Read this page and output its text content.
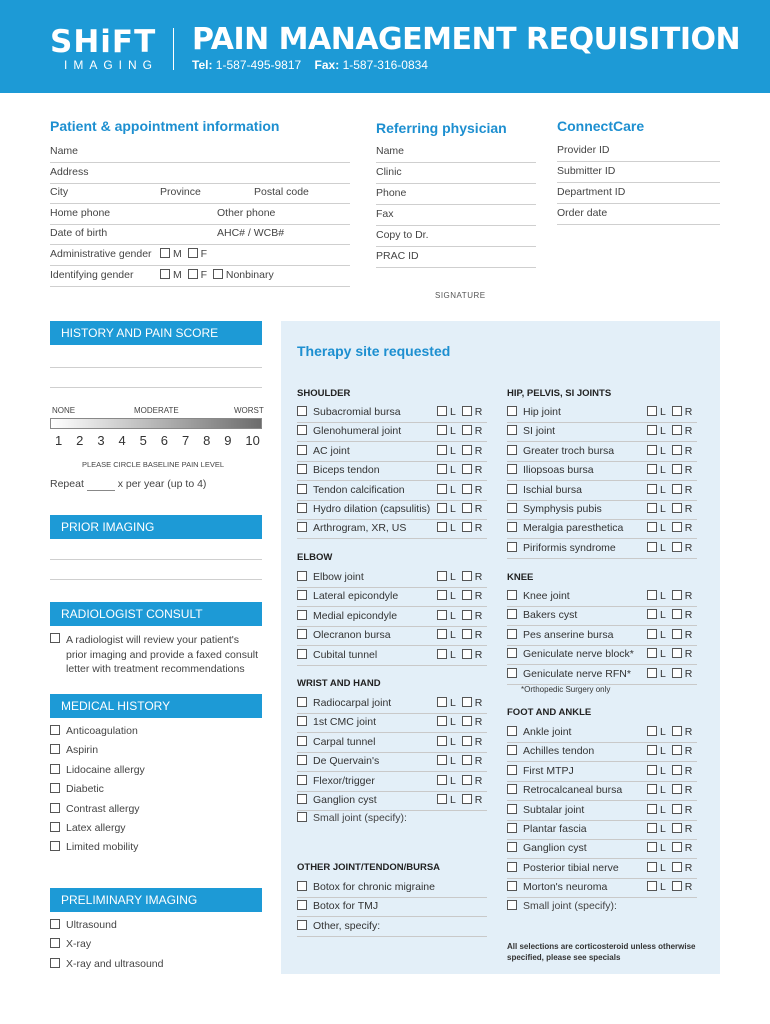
SHiFT
IMAGING
PAIN MANAGEMENT REQUISITION
Tel: 1-587-495-9817 Fax: 1-587-316-0834
Patient & appointment information
Name
Address
City	Province	Postal code
Home phone	Other phone
Date of birth	AHC# / WCB#
Administrative gender	M F
Identifying gender	M F Nonbinary
Referring physician
Name
Clinic
Phone
Fax
Copy to Dr.
PRAC ID
SIGNATURE
ConnectCare
Provider ID
Submitter ID
Department ID
Order date
HISTORY AND PAIN SCORE
NONE	MODERATE	WORST
1 2 3 4 5 6 7 8 9 10
PLEASE CIRCLE BASELINE PAIN LEVEL
Repeat	x per year (up to 4)
PRIOR IMAGING
RADIOLOGIST CONSULT
A radiologist will review your patient's
prior imaging and provide a faxed consult
letter with treatment recommendations
MEDICAL HISTORY
Anticoagulation
Aspirin
Lidocaine allergy
Diabetic
Contrast allergy
Latex allergy
Limited mobility
PRELIMINARY IMAGING
Ultrasound
X-ray
X-ray and ultrasound
Therapy site requested
SHOULDER
Subacromial bursa	L R
Glenohumeral joint	L R
AC joint	L R
Biceps tendon	L R
Tendon calcification	L R
Hydro dilation (capsulitis)	L R
Arthrogram, XR, US	L R
ELBOW
Elbow joint	L R
Lateral epicondyle	L R
Medial epicondyle	L R
Olecranon bursa	L R
Cubital tunnel	L R
WRIST AND HAND
Radiocarpal joint	L R
1st CMC joint	L R
Carpal tunnel	L R
De Quervain's	L R
Flexor/trigger	L R
Ganglion cyst	L R
OTHER JOINT/TENDON/BURSA
Botox for chronic migraine
Botox for TMJ
Other, specify:
HIP, PELVIS, SI JOINTS
Hip joint	L R
SI joint	L R
Greater troch bursa	L R
Iliopsoas bursa	L R
Ischial bursa	L R
Symphysis pubis	L R
Meralgia paresthetica	L R
Piriformis syndrome	L R
KNEE
Knee joint	L R
Bakers cyst	L R
Pes anserine bursa	L R
Geniculate nerve block*	L R
Geniculate nerve RFN*	L R
FOOT AND ANKLE
Ankle joint	L R
Achilles tendon	L R
First MTPJ	L R
Retrocalcaneal bursa	L R
Subtalar joint	L R
Plantar fascia	L R
Ganglion cyst	L R
Posterior tibial nerve	L R
Morton's neuroma	L R
Small joint (specify):
Small joint (specify):
*Orthopedic Surgery only
All selections are corticosteroid unless otherwise
specified, please see specials
